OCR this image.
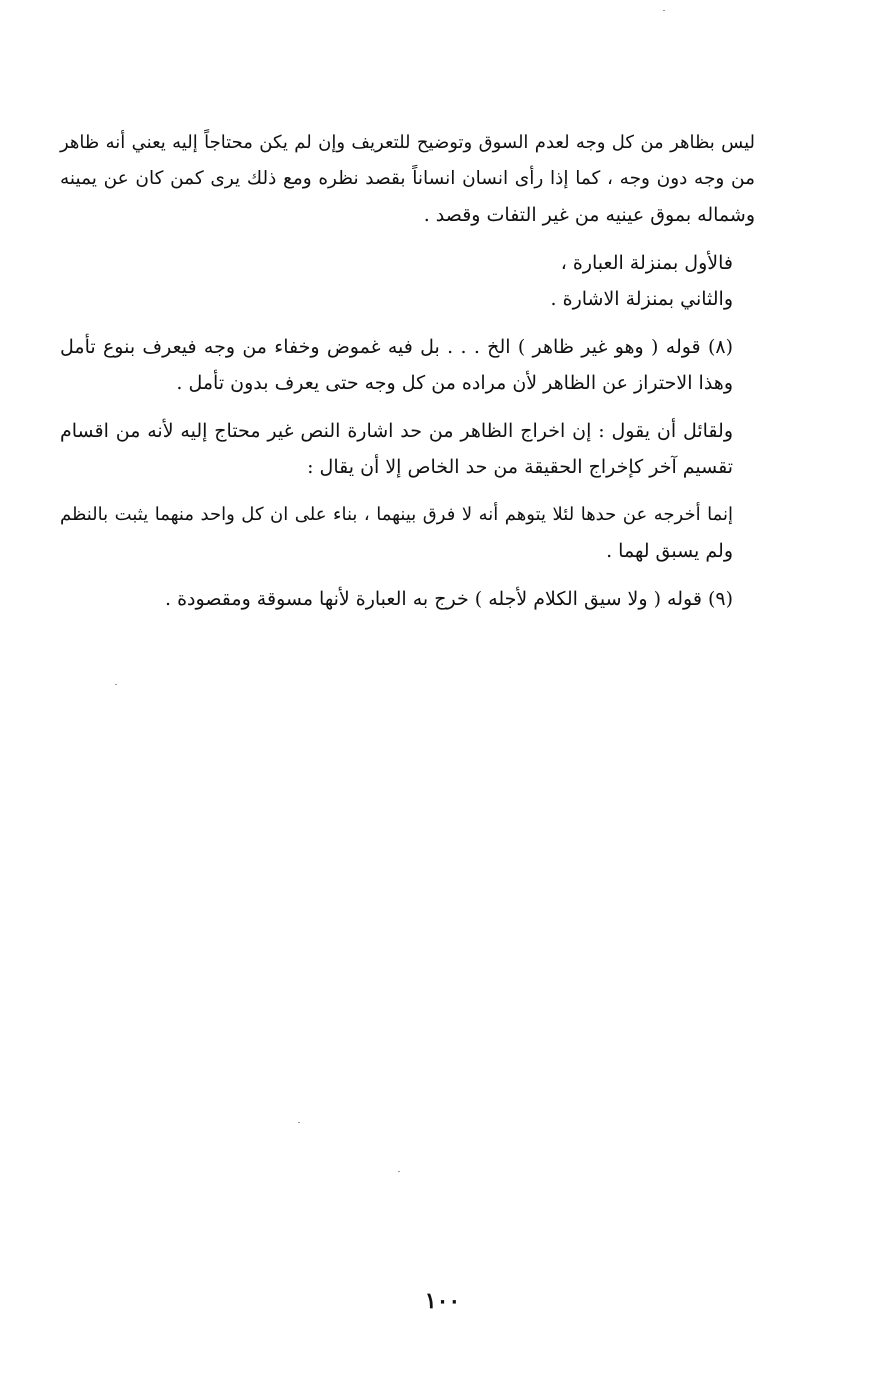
ليس بظاهر من كل وجه لعدم السوق وتوضيح للتعريف وإن لم يكن محتاجاً إليه يعني أنه ظاهر
من وجه دون وجه ، كما إذا رأى انسان انساناً بقصد نظره ومع ذلك يرى كمن كان عن يمينه
وشماله بموق عينيه من غير التفات وقصد .

فالأول بمنزلة العبارة ،

والثاني بمنزلة الاشارة .

(٨) قوله ( وهو غير ظاهر ) الخ . . . بل فيه غموض وخفاء من وجه فيعرف بنوع تأمل
وهذا الاحتراز عن الظاهر لأن مراده من كل وجه حتى يعرف بدون تأمل .

ولقائل أن يقول : إن اخراج الظاهر من حد اشارة النص غير محتاج إليه لأنه من اقسام
تقسيم آخر كإخراج الحقيقة من حد الخاص إلا أن يقال :

إنما أخرجه عن حدها لئلا يتوهم أنه لا فرق بينهما ، بناء على ان كل واحد منهما يثبت بالنظم
ولم يسبق لهما .

(٩) قوله ( ولا سيق الكلام لأجله ) خرج به العبارة لأنها مسوقة ومقصودة .

١٠٠
